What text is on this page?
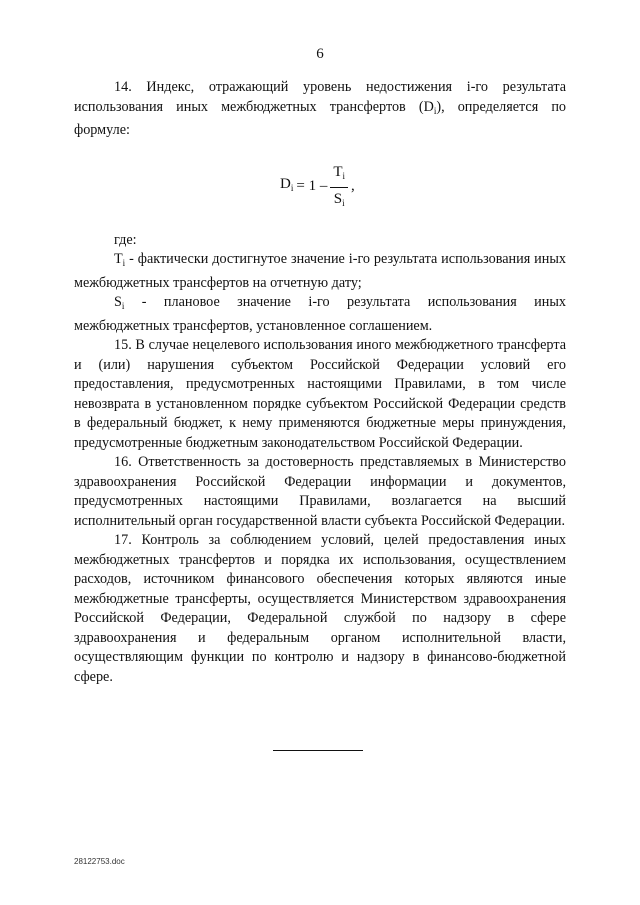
6

14. Индекс, отражающий уровень недостижения i-го результата использования иных межбюджетных трансфертов $(D_i)$, определяется по формуле:

$D_i = 1 - \frac{T_i}{S_i}$ ,

где:

$T_i$ - фактически достигнутое значение i-го результата использования иных межбюджетных трансфертов на отчетную дату;

$S_i$ - плановое значение i-го результата использования иных межбюджетных трансфертов, установленное соглашением.

15. В случае нецелевого использования иного межбюджетного трансферта и (или) нарушения субъектом Российской Федерации условий его предоставления, предусмотренных настоящими Правилами, в том числе невозврата в установленном порядке субъектом Российской Федерации средств в федеральный бюджет, к нему применяются бюджетные меры принуждения, предусмотренные бюджетным законодательством Российской Федерации.

16. Ответственность за достоверность представляемых в Министерство здравоохранения Российской Федерации информации и документов, предусмотренных настоящими Правилами, возлагается на высший исполнительный орган государственной власти субъекта Российской Федерации.

17. Контроль за соблюдением условий, целей предоставления иных межбюджетных трансфертов и порядка их использования, осуществлением расходов, источником финансового обеспечения которых являются иные межбюджетные трансферты, осуществляется Министерством здравоохранения Российской Федерации, Федеральной службой по надзору в сфере здравоохранения и федеральным органом исполнительной власти, осуществляющим функции по контролю и надзору в финансово-бюджетной сфере.

28122753.doc
